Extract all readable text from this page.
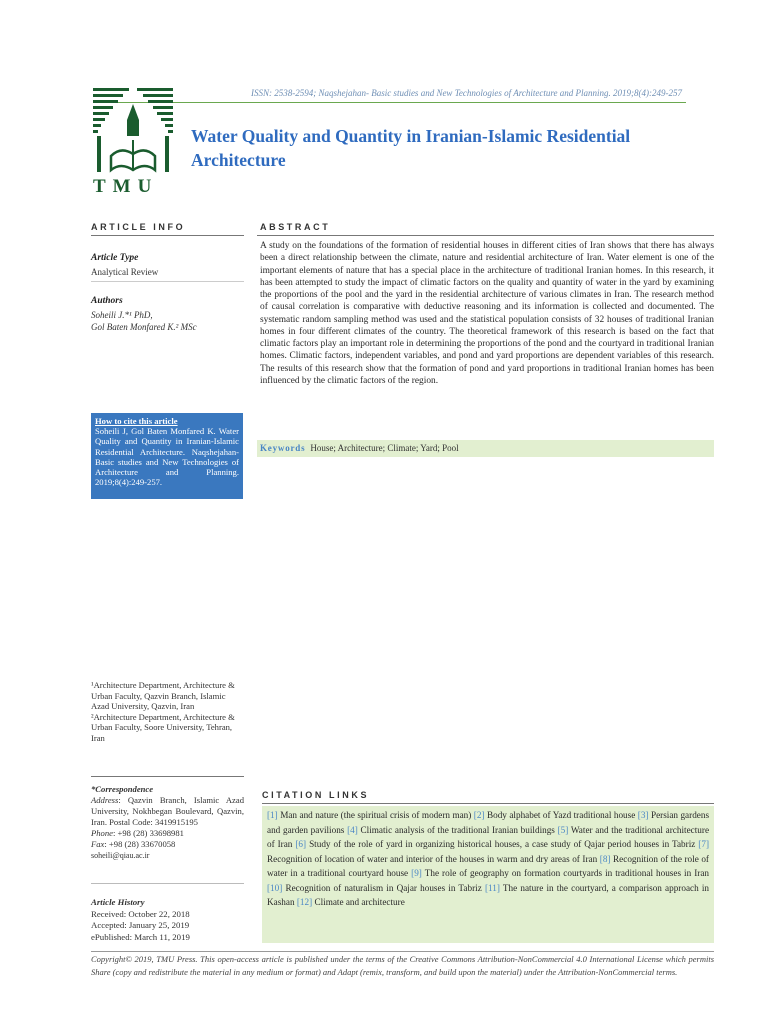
ISSN: 2538-2594; Naqshejahan- Basic studies and New Technologies of Architecture and Planning. 2019;8(4):249-257
TMU
Water Quality and Quantity in Iranian-Islamic Residential Architecture
ARTICLE INFO
Article Type
Analytical Review
Authors
Soheili J.*¹ PhD,
Gol Baten Monfared K.² MSc
How to cite this article
Soheili J, Gol Baten Monfared K. Water Quality and Quantity in Iranian-Islamic Residential Architecture. Naqshejahan- Basic studies and New Technologies of Architecture and Planning. 2019;8(4):249-257.
ABSTRACT

A study on the foundations of the formation of residential houses in different cities of Iran shows that there has always been a direct relationship between the climate, nature and residential architecture of Iran. Water element is one of the important elements of nature that has a special place in the architecture of traditional Iranian homes. In this research, it has been attempted to study the impact of climatic factors on the quality and quantity of water in the yard by examining the proportions of the pool and the yard in the residential architecture of various climates in Iran. The research method of causal correlation is comparative with deductive reasoning and its information is collected and documented. The systematic random sampling method was used and the statistical population consists of 32 houses of traditional Iranian homes in four different climates of the country. The theoretical framework of this research is based on the fact that climatic factors play an important role in determining the proportions of the pond and the courtyard in traditional Iranian homes. Climatic factors, independent variables, and pond and yard proportions are dependent variables of this research. The results of this research show that the formation of pond and yard proportions in traditional Iranian homes has been influenced by the climatic factors of the region.

Keywords House; Architecture; Climate; Yard; Pool
¹Architecture Department, Architecture & Urban Faculty, Qazvin Branch, Islamic Azad University, Qazvin, Iran
²Architecture Department, Architecture & Urban Faculty, Soore University, Tehran, Iran
*Correspondence
Address: Qazvin Branch, Islamic Azad University, Nokhbegan Boulevard, Qazvin, Iran. Postal Code: 3419915195
Phone: +98 (28) 33698981
Fax: +98 (28) 33670058
soheili@qiau.ac.ir
Article History
Received: October 22, 2018
Accepted: January 25, 2019
ePublished: March 11, 2019
CITATION LINKS
[1] Man and nature (the spiritual crisis of modern man) [2] Body alphabet of Yazd traditional house [3] Persian gardens and garden pavilions [4] Climatic analysis of the traditional Iranian buildings [5] Water and the traditional architecture of Iran [6] Study of the role of yard in organizing historical houses, a case study of Qajar period houses in Tabriz [7] Recognition of location of water and interior of the houses in warm and dry areas of Iran [8] Recognition of the role of water in a traditional courtyard house [9] The role of geography on formation courtyards in traditional houses in Iran [10] Recognition of naturalism in Qajar houses in Tabriz [11] The nature in the courtyard, a comparison approach in Kashan [12] Climate and architecture
Copyright© 2019, TMU Press. This open-access article is published under the terms of the Creative Commons Attribution-NonCommercial 4.0 International License which permits Share (copy and redistribute the material in any medium or format) and Adapt (remix, transform, and build upon the material) under the Attribution-NonCommercial terms.
